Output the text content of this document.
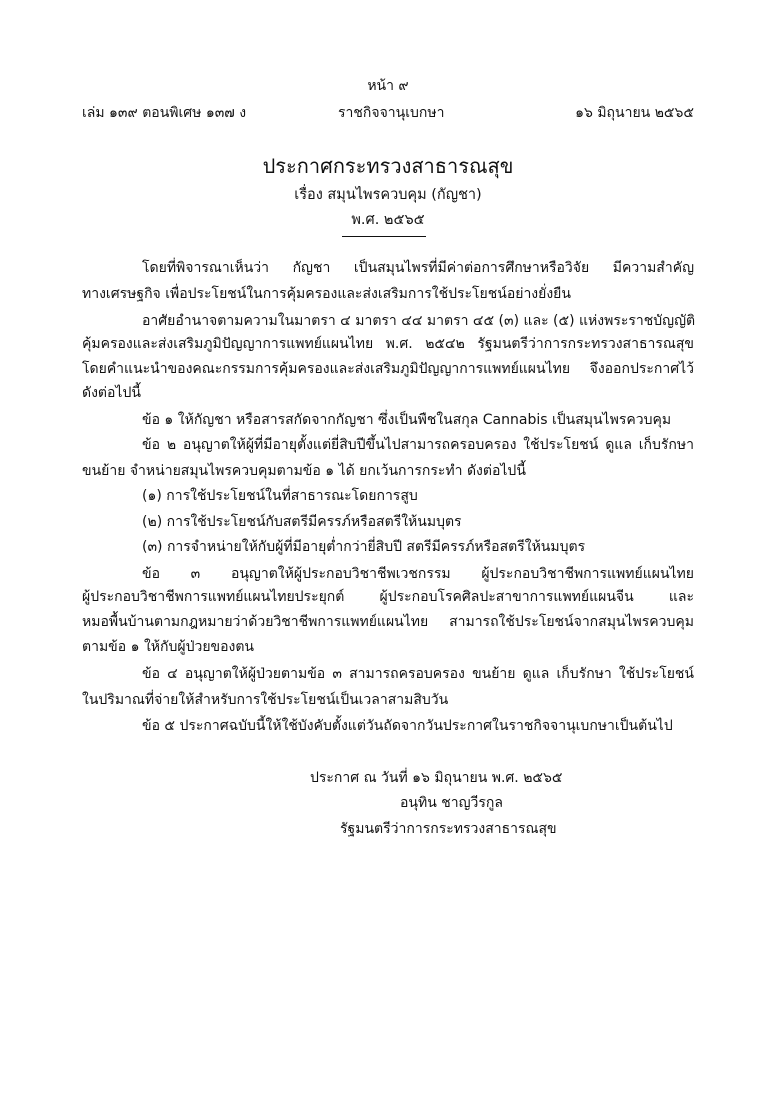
หน้า ๙
เล่ม ๑๓๙ ตอนพิเศษ ๑๓๗ ง	ราชกิจจานุเบกษา	๑๖ มิถุนายน ๒๕๖๕
ประกาศกระทรวงสาธารณสุข
เรื่อง สมุนไพรควบคุม (กัญชา)
พ.ศ. ๒๕๖๕
โดยที่พิจารณาเห็นว่า กัญชา เป็นสมุนไพรที่มีค่าต่อการศึกษาหรือวิจัย มีความสำคัญ
ทางเศรษฐกิจ เพื่อประโยชน์ในการคุ้มครองและส่งเสริมการใช้ประโยชน์อย่างยั่งยืน
อาศัยอำนาจตามความในมาตรา ๔ มาตรา ๔๔ มาตรา ๔๕ (๓) และ (๕) แห่งพระราชบัญญัติ
คุ้มครองและส่งเสริมภูมิปัญญาการแพทย์แผนไทย พ.ศ. ๒๕๔๒ รัฐมนตรีว่าการกระทรวงสาธารณสุข
โดยคำแนะนำของคณะกรรมการคุ้มครองและส่งเสริมภูมิปัญญาการแพทย์แผนไทย จึงออกประกาศไว้
ดังต่อไปนี้
ข้อ ๑ ให้กัญชา หรือสารสกัดจากกัญชา ซึ่งเป็นพืชในสกุล Cannabis เป็นสมุนไพรควบคุม
ข้อ ๒ อนุญาตให้ผู้ที่มีอายุตั้งแต่ยี่สิบปีขึ้นไปสามารถครอบครอง ใช้ประโยชน์ ดูแล เก็บรักษา
ขนย้าย จำหน่ายสมุนไพรควบคุมตามข้อ ๑ ได้ ยกเว้นการกระทำ ดังต่อไปนี้
(๑) การใช้ประโยชน์ในที่สาธารณะโดยการสูบ
(๒) การใช้ประโยชน์กับสตรีมีครรภ์หรือสตรีให้นมบุตร
(๓) การจำหน่ายให้กับผู้ที่มีอายุต่ำกว่ายี่สิบปี สตรีมีครรภ์หรือสตรีให้นมบุตร
ข้อ ๓ อนุญาตให้ผู้ประกอบวิชาชีพเวชกรรม ผู้ประกอบวิชาชีพการแพทย์แผนไทย
ผู้ประกอบวิชาชีพการแพทย์แผนไทยประยุกต์ ผู้ประกอบโรคศิลปะสาขาการแพทย์แผนจีน และ
หมอพื้นบ้านตามกฎหมายว่าด้วยวิชาชีพการแพทย์แผนไทย สามารถใช้ประโยชน์จากสมุนไพรควบคุม
ตามข้อ ๑ ให้กับผู้ป่วยของตน
ข้อ ๔ อนุญาตให้ผู้ป่วยตามข้อ ๓ สามารถครอบครอง ขนย้าย ดูแล เก็บรักษา ใช้ประโยชน์
ในปริมาณที่จ่ายให้สำหรับการใช้ประโยชน์เป็นเวลาสามสิบวัน
ข้อ ๕ ประกาศฉบับนี้ให้ใช้บังคับตั้งแต่วันถัดจากวันประกาศในราชกิจจานุเบกษาเป็นต้นไป
ประกาศ ณ วันที่ ๑๖ มิถุนายน พ.ศ. ๒๕๖๕
อนุทิน ชาญวีรกูล
รัฐมนตรีว่าการกระทรวงสาธารณสุข
